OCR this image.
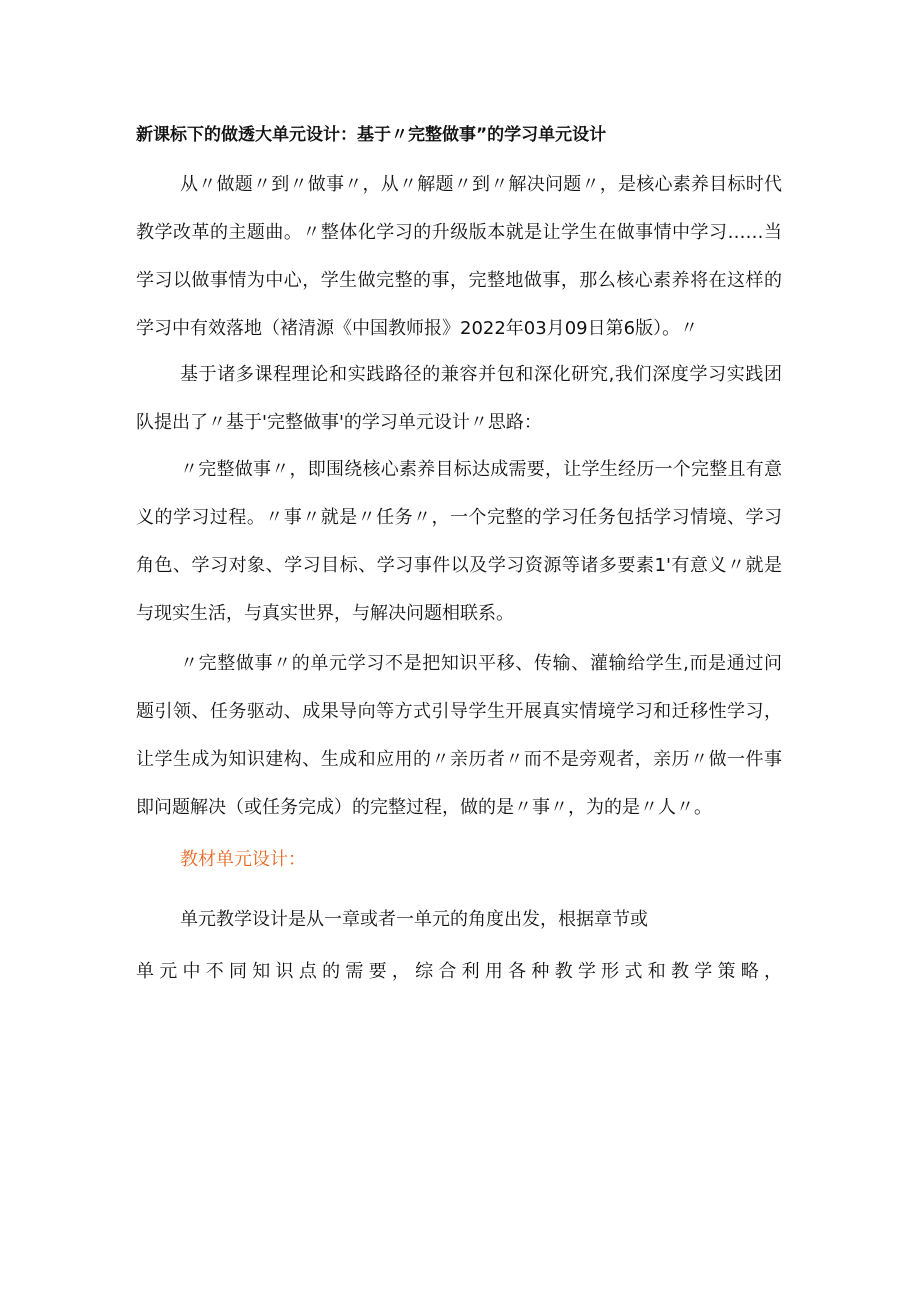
新课标下的做透大单元设计：基于〃完整做事”的学习单元设计
从〃做题〃到〃做事〃，从〃解题〃到〃解决问题〃，是核心素养目标时代
教学改革的主题曲。〃整体化学习的升级版本就是让学生在做事情中学习……当
学习以做事情为中心，学生做完整的事，完整地做事，那么核心素养将在这样的
学习中有效落地（褚清源《中国教师报》2022年03月09日第6版）。〃
基于诸多课程理论和实践路径的兼容并包和深化研究,我们深度学习实践团
队提出了〃基于'完整做事'的学习单元设计〃思路：
〃完整做事〃，即围绕核心素养目标达成需要，让学生经历一个完整且有意
义的学习过程。〃事〃就是〃任务〃，一个完整的学习任务包括学习情境、学习
角色、学习对象、学习目标、学习事件以及学习资源等诸多要素1'有意义〃就是
与现实生活，与真实世界，与解决问题相联系。
〃完整做事〃的单元学习不是把知识平移、传输、灌输给学生,而是通过问
题引领、任务驱动、成果导向等方式引导学生开展真实情境学习和迁移性学习，
让学生成为知识建构、生成和应用的〃亲历者〃而不是旁观者，亲历〃做一件事
即问题解决（或任务完成）的完整过程，做的是〃事〃，为的是〃人〃。
教材单元设计：
单元教学设计是从一章或者一单元的角度出发，根据章节或
单元中不同知识点的需要，综合利用各种教学形式和教学策略，
